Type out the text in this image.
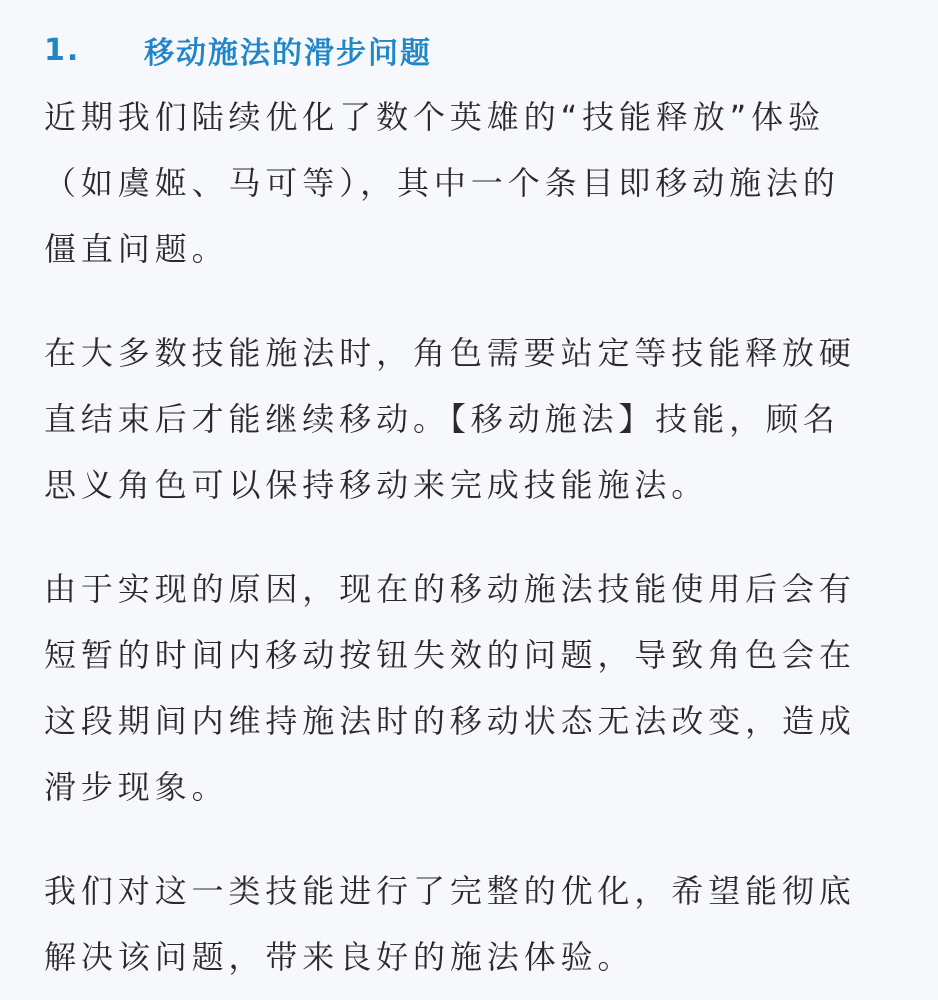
1.	移动施法的滑步问题
近期我们陆续优化了数个英雄的“技能释放”体验
（如虞姬、马可等），其中一个条目即移动施法的
僵直问题。
在大多数技能施法时，角色需要站定等技能释放硬
直结束后才能继续移动。【移动施法】技能，顾名
思义角色可以保持移动来完成技能施法。
由于实现的原因，现在的移动施法技能使用后会有
短暂的时间内移动按钮失效的问题，导致角色会在
这段期间内维持施法时的移动状态无法改变，造成
滑步现象。
我们对这一类技能进行了完整的优化，希望能彻底
解决该问题，带来良好的施法体验。
